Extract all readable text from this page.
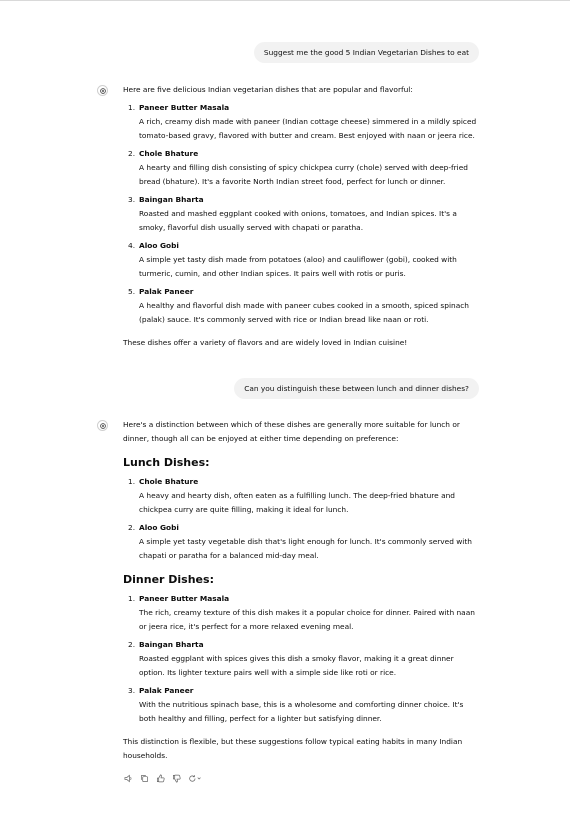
Suggest me the good 5 Indian Vegetarian Dishes to eat

Here are five delicious Indian vegetarian dishes that are popular and flavorful:

1. Paneer Butter Masala
A rich, creamy dish made with paneer (Indian cottage cheese) simmered in a mildly spiced tomato-based gravy, flavored with butter and cream. Best enjoyed with naan or jeera rice.
2. Chole Bhature
A hearty and filling dish consisting of spicy chickpea curry (chole) served with deep-fried bread (bhature). It's a favorite North Indian street food, perfect for lunch or dinner.
3. Baingan Bharta
Roasted and mashed eggplant cooked with onions, tomatoes, and Indian spices. It's a smoky, flavorful dish usually served with chapati or paratha.
4. Aloo Gobi
A simple yet tasty dish made from potatoes (aloo) and cauliflower (gobi), cooked with turmeric, cumin, and other Indian spices. It pairs well with rotis or puris.
5. Palak Paneer
A healthy and flavorful dish made with paneer cubes cooked in a smooth, spiced spinach (palak) sauce. It's commonly served with rice or Indian bread like naan or roti.

These dishes offer a variety of flavors and are widely loved in Indian cuisine!

Can you distinguish these between lunch and dinner dishes?

Here's a distinction between which of these dishes are generally more suitable for lunch or dinner, though all can be enjoyed at either time depending on preference:

Lunch Dishes:
1. Chole Bhature
A heavy and hearty dish, often eaten as a fulfilling lunch. The deep-fried bhature and chickpea curry are quite filling, making it ideal for lunch.
2. Aloo Gobi
A simple yet tasty vegetable dish that's light enough for lunch. It's commonly served with chapati or paratha for a balanced mid-day meal.
Dinner Dishes:
1. Paneer Butter Masala
The rich, creamy texture of this dish makes it a popular choice for dinner. Paired with naan or jeera rice, it's perfect for a more relaxed evening meal.
2. Baingan Bharta
Roasted eggplant with spices gives this dish a smoky flavor, making it a great dinner option. Its lighter texture pairs well with a simple side like roti or rice.
3. Palak Paneer
With the nutritious spinach base, this is a wholesome and comforting dinner choice. It's both healthy and filling, perfect for a lighter but satisfying dinner.

This distinction is flexible, but these suggestions follow typical eating habits in many Indian households.
